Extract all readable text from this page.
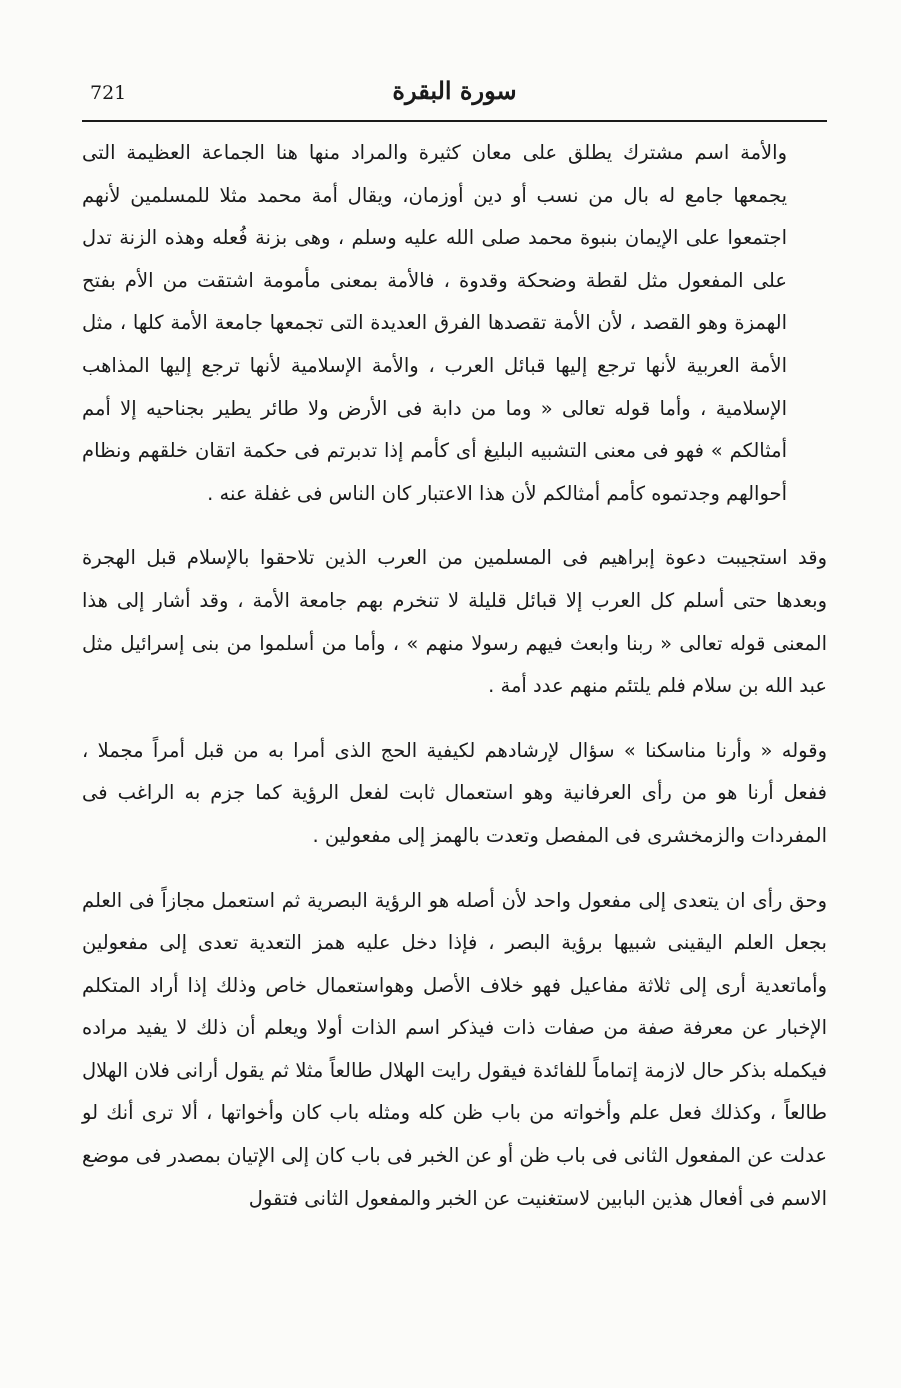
721	سورة البقرة

والأمة اسم مشترك يطلق على معان كثيرة والمراد منها هنا الجماعة العظيمة التى يجمعها جامع له بال من نسب أو دين أوزمان، ويقال أمة محمد مثلا للمسلمين لأنهم اجتمعوا على الإيمان بنبوة محمد صلى الله عليه وسلم ، وهى بزنة فُعله وهذه الزنة تدل على المفعول مثل لقطة وضحكة وقدوة ، فالأمة بمعنى مأمومة اشتقت من الأم بفتح الهمزة وهو القصد ، لأن الأمة تقصدها الفرق العديدة التى تجمعها جامعة الأمة كلها ، مثل الأمة العربية لأنها ترجع إليها قبائل العرب ، والأمة الإسلامية لأنها ترجع إليها المذاهب الإسلامية ، وأما قوله تعالى « وما من دابة فى الأرض ولا طائر يطير بجناحيه إلا أمم أمثالكم » فهو فى معنى التشبيه البليغ أى كأمم إذا تدبرتم فى حكمة اتقان خلقهم ونظام أحوالهم وجدتموه كأمم أمثالكم لأن هذا الاعتبار كان الناس فى غفلة عنه .

وقد استجيبت دعوة إبراهيم فى المسلمين من العرب الذين تلاحقوا بالإسلام قبل الهجرة وبعدها حتى أسلم كل العرب إلا قبائل قليلة لا تنخرم بهم جامعة الأمة ، وقد أشار إلى هذا المعنى قوله تعالى « ربنا وابعث فيهم رسولا منهم » ، وأما من أسلموا من بنى إسرائيل مثل عبد الله بن سلام فلم يلتئم منهم عدد أمة .

وقوله « وأرنا مناسكنا » سؤال لإرشادهم لكيفية الحج الذى أمرا به من قبل أمراً مجملا ، ففعل أرنا هو من رأى العرفانية وهو استعمال ثابت لفعل الرؤية كما جزم به الراغب فى المفردات والزمخشرى فى المفصل وتعدت بالهمز إلى مفعولين .

وحق رأى ان يتعدى إلى مفعول واحد لأن أصله هو الرؤية البصرية ثم استعمل مجازاً فى العلم بجعل العلم اليقينى شبيها برؤية البصر ، فإذا دخل عليه همز التعدية تعدى إلى مفعولين وأماتعدية أرى إلى ثلاثة مفاعيل فهو خلاف الأصل وهواستعمال خاص وذلك إذا أراد المتكلم الإخبار عن معرفة صفة من صفات ذات فيذكر اسم الذات أولا ويعلم أن ذلك لا يفيد مراده فيكمله بذكر حال لازمة إتماماً للفائدة فيقول رايت الهلال طالعاً مثلا ثم يقول أرانى فلان الهلال طالعاً ، وكذلك فعل علم وأخواته من باب ظن كله ومثله باب كان وأخواتها ، ألا ترى أنك لو عدلت عن المفعول الثانى فى باب ظن أو عن الخبر فى باب كان إلى الإتيان بمصدر فى موضع الاسم فى أفعال هذين البابين لاستغنيت عن الخبر والمفعول الثانى فتقول
